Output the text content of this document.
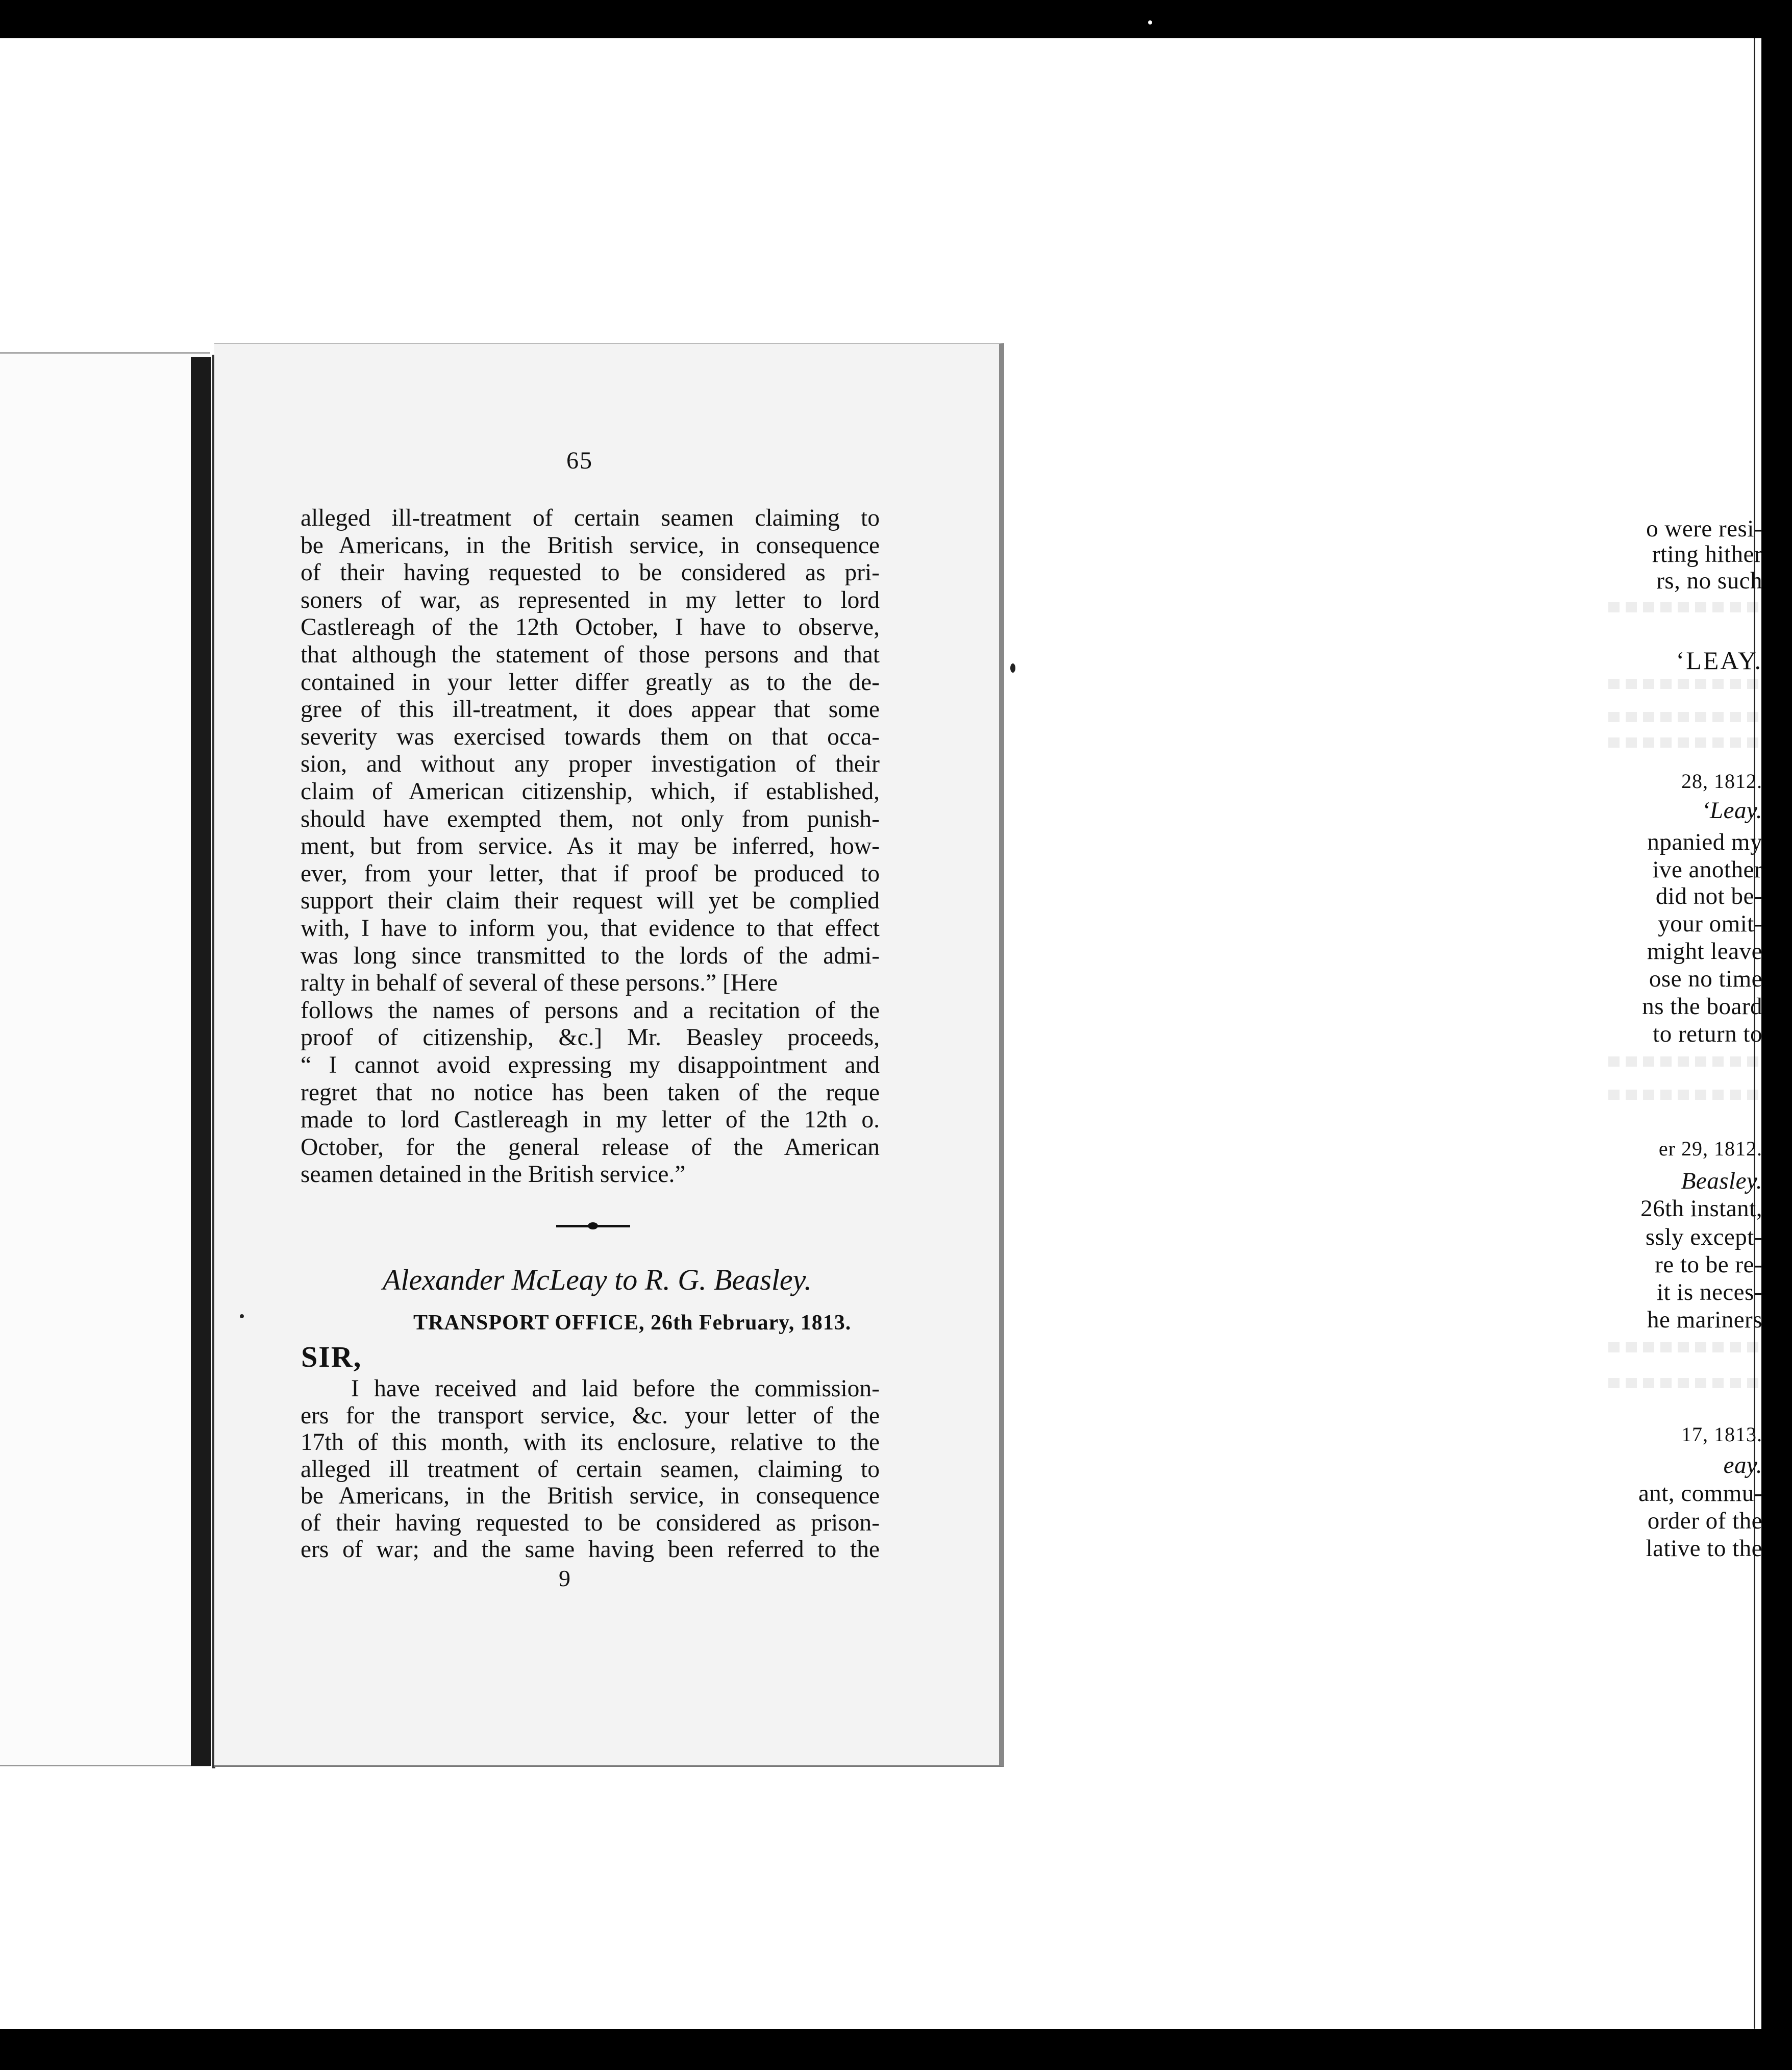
o were resi-
rting hither
rs, no such
‘LEAY.
28, 1812.
‘Leay.
npanied my
ive another
did not be-
your omit-
might leave
ose no time
ns the board
to return to
er 29, 1812.
Beasley.
26th instant,
ssly except-
re to be re-
it is neces-
he mariners
17, 1813.
eay.
ant, commu-
order of the
lative to the
65
alleged ill-treatment of certain seamen claiming to
be Americans, in the British service, in consequence
of their having requested to be considered as pri-
soners of war, as represented in my letter to lord
Castlereagh of the 12th October, I have to observe,
that although the statement of those persons and that
contained in your letter differ greatly as to the de-
gree of this ill-treatment, it does appear that some
severity was exercised towards them on that occa-
sion, and without any proper investigation of their
claim of American citizenship, which, if established,
should have exempted them, not only from punish-
ment, but from service. As it may be inferred, how-
ever, from your letter, that if proof be produced to
support their claim their request will yet be complied
with, I have to inform you, that evidence to that effect
was long since transmitted to the lords of the admi-
ralty in behalf of several of these persons.” [Here
follows the names of persons and a recitation of the
proof of citizenship, &c.] Mr. Beasley proceeds,
“ I cannot avoid expressing my disappointment and
regret that no notice has been taken of the reque
made to lord Castlereagh in my letter of the 12th o.
October, for the general release of the American
seamen detained in the British service.”
Alexander McLeay to R. G. Beasley.
TRANSPORT OFFICE, 26th February, 1813.
SIR,
I have received and laid before the commission-
ers for the transport service, &c. your letter of the
17th of this month, with its enclosure, relative to the
alleged ill treatment of certain seamen, claiming to
be Americans, in the British service, in consequence
of their having requested to be considered as prison-
ers of war; and the same having been referred to the
9
